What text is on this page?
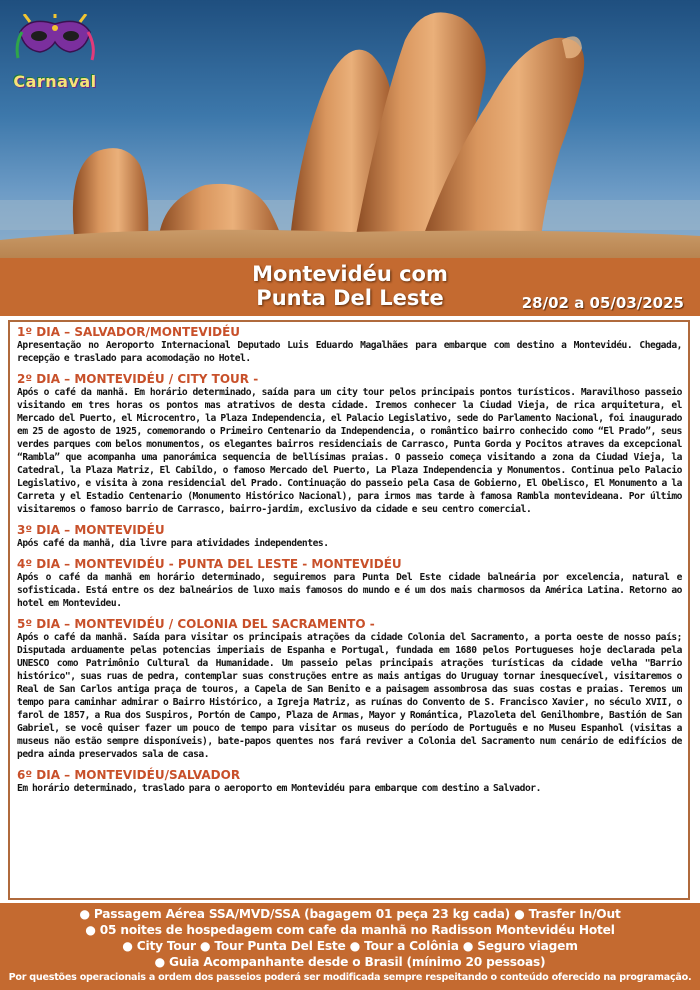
Carnaval
Montevidéu com
Punta Del Leste	28/02 a 05/03/2025
1º DIA – SALVADOR/MONTEVIDÉU

Apresentação no Aeroporto Internacional Deputado Luis Eduardo Magalhães para embarque com destino a Montevidéu. Chegada, recepção e traslado para acomodação no Hotel.

2º DIA – MONTEVIDÉU / CITY TOUR -

Após o café da manhã. Em horário determinado, saída para um city tour pelos principais pontos turísticos. Maravilhoso passeio visitando em tres horas os pontos mas atrativos de desta cidade. Iremos conhecer la Ciudad Vieja, de rica arquitetura, el Mercado del Puerto, el Microcentro, la Plaza Independencia, el Palacio Legislativo, sede do Parlamento Nacional, foi inaugurado em 25 de agosto de 1925, comemorando o Primeiro Centenario da Independencia, o romântico bairro conhecido como “El Prado”, seus verdes parques com belos monumentos, os elegantes bairros residenciais de Carrasco, Punta Gorda y Pocitos atraves da excepcional “Rambla” que acompanha uma panorámica sequencia de bellísimas praias. O passeio começa visitando a zona da Ciudad Vieja, la Catedral, la Plaza Matriz, El Cabildo, o famoso Mercado del Puerto, La Plaza Independencia y Monumentos. Continua pelo Palacio Legislativo, e visita à zona residencial del Prado. Continuação do passeio pela Casa de Gobierno, El Obelisco, El Monumento a la Carreta y el Estadio Centenario (Monumento Histórico Nacional), para irmos mas tarde à famosa Rambla montevideana. Por último visitaremos o famoso barrio de Carrasco, bairro-jardim, exclusivo da cidade e seu centro comercial.

3º DIA – MONTEVIDÉU

Após café da manhã, dia livre para atividades independentes.

4º DIA – MONTEVIDÉU - PUNTA DEL LESTE - MONTEVIDÉU

Após o café da manhã em horário determinado, seguiremos para Punta Del Este cidade balneária por excelencia, natural e sofisticada. Está entre os dez balneários de luxo mais famosos do mundo e é um dos mais charmosos da América Latina. Retorno ao hotel em Montevideu.

5º DIA – MONTEVIDÉU / COLONIA DEL SACRAMENTO -

Após o café da manhã. Saída para visitar os principais atrações da cidade Colonia del Sacramento, a porta oeste de nosso país; Disputada arduamente pelas potencias imperiais de Espanha e Portugal, fundada em 1680 pelos Portugueses hoje declarada pela UNESCO como Patrimônio Cultural da Humanidade. Um passeio pelas principais atrações turísticas da cidade velha "Barrio histórico", suas ruas de pedra, contemplar suas construções entre as mais antigas do Uruguay tornar inesquecível, visitaremos o Real de San Carlos antiga praça de touros, a Capela de San Benito e a paisagem assombrosa das suas costas e praias. Teremos um tempo para caminhar admirar o Bairro Histórico, a Igreja Matriz, as ruínas do Convento de S. Francisco Xavier, no século XVII, o farol de 1857, a Rua dos Suspiros, Portón de Campo, Plaza de Armas, Mayor y Romántica, Plazoleta del Genilhombre, Bastión de San Gabriel, se você quiser fazer um pouco de tempo para visitar os museus do período de Português e no Museu Espanhol (visitas a museus não estão sempre disponíveis), bate-papos quentes nos fará reviver a Colonia del Sacramento num cenário de edifícios de pedra ainda preservados sala de casa.

6º DIA – MONTEVIDÉU/SALVADOR

Em horário determinado, traslado para o aeroporto em Montevidéu para embarque com destino a Salvador.

● Passagem Aérea SSA/MVD/SSA (bagagem 01 peça 23 kg cada) ● Trasfer In/Out
● 05 noites de hospedagem com cafe da manhã no Radisson Montevidéu Hotel
● City Tour ● Tour Punta Del Este ● Tour a Colônia ● Seguro viagem
● Guia Acompanhante desde o Brasil (mínimo 20 pessoas)
Por questões operacionais a ordem dos passeios poderá ser modificada sempre respeitando o conteúdo oferecido na programação.
